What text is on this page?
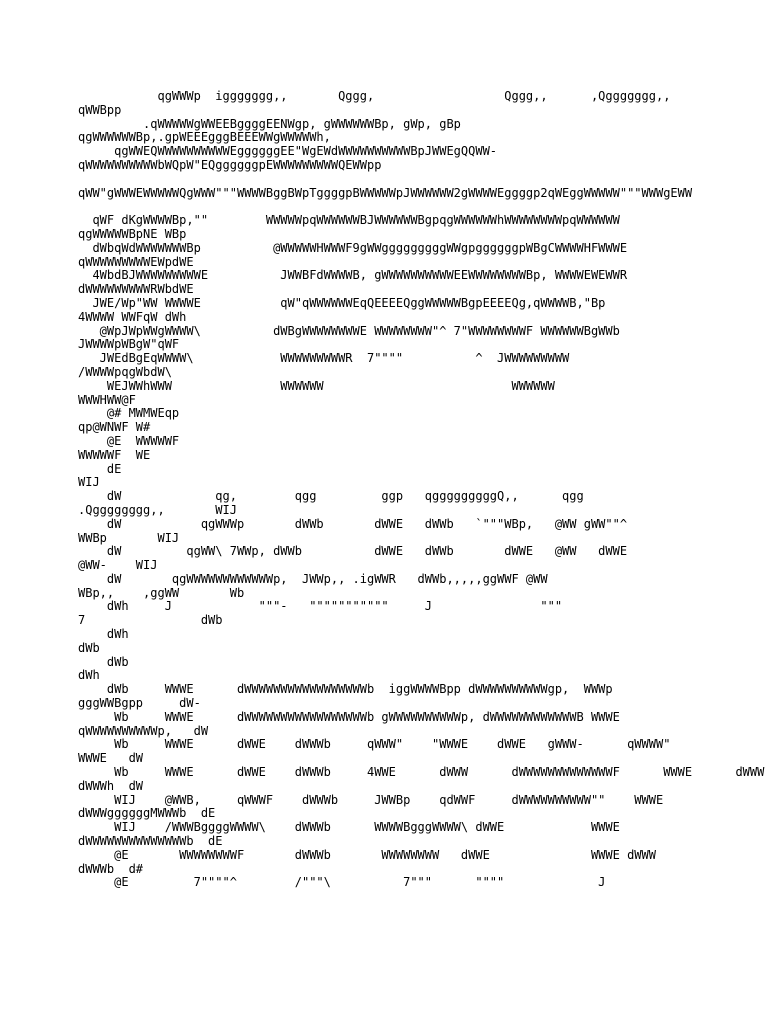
qgWWWp  iggggggg,,       Qggg,                  Qggg,,      ,Qggggggg,,
qWWBpp
.qWWWWWgWWEEBggggEENWgp, gWWWWWWBp, gWp, gBp
qgWWWWWWBp,.gpWEEEgggBEEEWWgWWWWWh,
qgWWEQWWWWWWWWWWEggggggEE"WgEWdWWWWWWWWWWBpJWWEgQQWW-
qWWWWWWWWWWbWQpW"EQggggggpEWWWWWWWWWQEWWpp
qWW"gWWWEWWWWWQgWWW"""WWWWBggBWpTggggpBWWWWWpJWWWWWW2gWWWWEggggp2qWEggWWWWW"""WWWgEWW
qWF dKgWWWWBp,""        WWWWWpqWWWWWWBJWWWWWWBgpqgWWWWWWhWWWWWWWWpqWWWWWW
qgWWWWWBpNE WBp
dWbqWdWWWWWWWBp          @WWWWWHWWWF9gWWgggggggggWWgpggggggpWBgCWWWWHFWWWE
qWWWWWWWWWEWpdWE
4WbdBJWWWWWWWWWE          JWWBFdWWWWB, gWWWWWWWWWWEEWWWWWWWWBp, WWWWEWEWWR
dWWWWWWWWWRWbdWE
JWE/Wp"WW WWWWE           qW"qWWWWWWEqQEEEEQggWWWWWBgpEEEEQg,qWWWWB,"Bp
4WWWW WWFqW dWh
@WpJWpWWgWWWW\          dWBgWWWWWWWWE WWWWWWWW"^ 7"WWWWWWWWF WWWWWWBgWWb
JWWWWpWBgW"qWF
JWEdBgEqWWWW\            WWWWWWWWWR  7""""          ^  JWWWWWWWWW
/WWWWpqgWbdW\
WEJWWhWWW               WWWWWW                          WWWWWW
WWWHWW@F
@# MWMWEqp
qp@WNWF W#
@E  WWWWWF
WWWWWF  WE
dE
WIJ
dW             qg,        qgg         ggp   qgggggggggQ,,      qgg
.Qgggggggg,,       WIJ
dW           qgWWWp       dWWb       dWWE   dWWb   `"""WBp,   @WW gWW""^
WWBp       WIJ
dW         qgWW\ 7WWp, dWWb          dWWE   dWWb       dWWE   @WW   dWWE
@WW-    WIJ
dW       qgWWWWWWWWWWWWp,  JWWp,, .igWWR   dWWb,,,,,ggWWF @WW
WBp,,    ,ggWW       Wb
dWh     J            """-   """""""""""     J               """
7                dWb
dWh
dWb
dWb
dWh
dWb     WWWE      dWWWWWWWWWWWWWWWWWb  iggWWWWBpp dWWWWWWWWWWgp,  WWWp
gggWWBgpp     dW-
Wb     WWWE      dWWWWWWWWWWWWWWWWWb gWWWWWWWWWWp, dWWWWWWWWWWWWB WWWE
qWWWWWWWWWWp,   dW
Wb     WWWE      dWWE    dWWWb     qWWW"    "WWWE    dWWE   gWWW-      qWWWW"
WWWE   dW
Wb     WWWE      dWWE    dWWWb     4WWE      dWWW      dWWWWWWWWWWWWWF      WWWE      dWWW
dWWWh  dW
WIJ    @WWB,     qWWWF    dWWWb     JWWBp    qdWWF     dWWWWWWWWWW""    WWWE
dWWWggggggMWWWb  dE
WIJ    /WWWBggggWWWW\    dWWWb      WWWWBgggWWWW\ dWWE            WWWE
dWWWWWWWWWWWWWWb  dE
@E       WWWWWWWWF       dWWWb       WWWWWWWW   dWWE              WWWE dWWW
dWWWb  d#
@E         7""""^        /"""\          7"""      """"             J
